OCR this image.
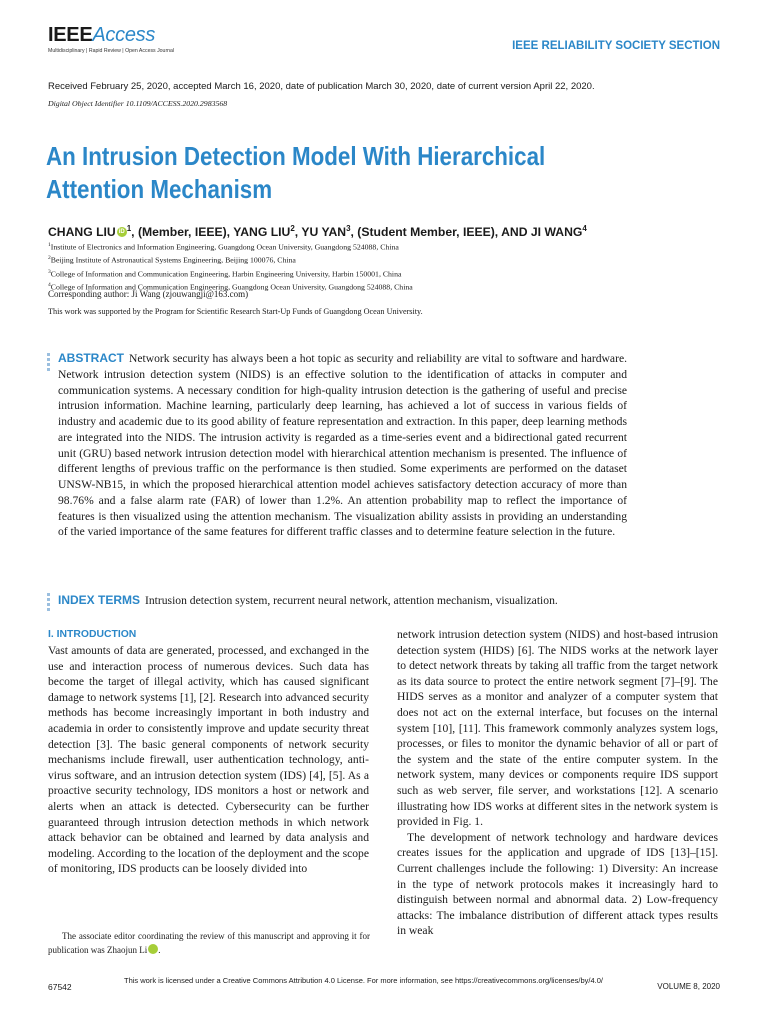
IEEEAccess
Multidisciplinary | Rapid Review | Open Access Journal	IEEE RELIABILITY SOCIETY SECTION
Received February 25, 2020, accepted March 16, 2020, date of publication March 30, 2020, date of current version April 22, 2020.
Digital Object Identifier 10.1109/ACCESS.2020.2983568
An Intrusion Detection Model With Hierarchical Attention Mechanism
CHANG LIU iD $^1$, (Member, IEEE), YANG LIU$^2$, YU YAN$^3$, (Student Member, IEEE), AND JI WANG$^4$
$^1$Institute of Electronics and Information Engineering, Guangdong Ocean University, Guangdong 524088, China
$^2$Beijing Institute of Astronautical Systems Engineering, Beijing 100076, China
$^3$College of Information and Communication Engineering, Harbin Engineering University, Harbin 150001, China
$^4$College of Information and Communication Engineering, Guangdong Ocean University, Guangdong 524088, China
Corresponding author: Ji Wang (zjouwangji@163.com)
This work was supported by the Program for Scientific Research Start-Up Funds of Guangdong Ocean University.
ABSTRACT Network security has always been a hot topic as security and reliability are vital to software and hardware. Network intrusion detection system (NIDS) is an effective solution to the identification of attacks in computer and communication systems. A necessary condition for high-quality intrusion detection is the gathering of useful and precise intrusion information. Machine learning, particularly deep learning, has achieved a lot of success in various fields of industry and academic due to its good ability of feature representation and extraction. In this paper, deep learning methods are integrated into the NIDS. The intrusion activity is regarded as a time-series event and a bidirectional gated recurrent unit (GRU) based network intrusion detection model with hierarchical attention mechanism is presented. The influence of different lengths of previous traffic on the performance is then studied. Some experiments are performed on the dataset UNSW-NB15, in which the proposed hierarchical attention model achieves satisfactory detection accuracy of more than 98.76% and a false alarm rate (FAR) of lower than 1.2%. An attention probability map to reflect the importance of features is then visualized using the attention mechanism. The visualization ability assists in providing an understanding of the varied importance of the same features for different traffic classes and to determine feature selection in the future.
INDEX TERMS Intrusion detection system, recurrent neural network, attention mechanism, visualization.
I. INTRODUCTION

Vast amounts of data are generated, processed, and exchanged in the use and interaction process of numerous devices. Such data has become the target of illegal activity, which has caused significant damage to network systems [1], [2]. Research into advanced security methods has become increasingly important in both industry and academia in order to consistently improve and update security threat detection [3]. The basic general components of network security mechanisms include firewall, user authentication technology, anti-virus software, and an intrusion detection system (IDS) [4], [5]. As a proactive security technology, IDS monitors a host or network and alerts when an attack is detected. Cybersecurity can be further guaranteed through intrusion detection methods in which network attack behavior can be obtained and learned by data analysis and modeling. According to the location of the deployment and the scope of monitoring, IDS products can be loosely divided into

network intrusion detection system (NIDS) and host-based intrusion detection system (HIDS) [6]. The NIDS works at the network layer to detect network threats by taking all traffic from the target network as its data source to protect the entire network segment [7]–[9]. The HIDS serves as a monitor and analyzer of a computer system that does not act on the external interface, but focuses on the internal system [10], [11]. This framework commonly analyzes system logs, processes, or files to monitor the dynamic behavior of all or part of the system and the state of the entire computer system. In the network system, many devices or components require IDS support such as web server, file server, and workstations [12]. A scenario illustrating how IDS works at different sites in the network system is provided in Fig. 1.

The development of network technology and hardware devices creates issues for the application and upgrade of IDS [13]–[15]. Current challenges include the following: 1) Diversity: An increase in the type of network protocols makes it increasingly hard to distinguish between normal and abnormal data. 2) Low-frequency attacks: The imbalance distribution of different attack types results in weak

The associate editor coordinating the review of this manuscript and approving it for publication was Zhaojun Li	iD.

67542
This work is licensed under a Creative Commons Attribution 4.0 License. For more information, see https://creativecommons.org/licenses/by/4.0/
VOLUME 8, 2020
